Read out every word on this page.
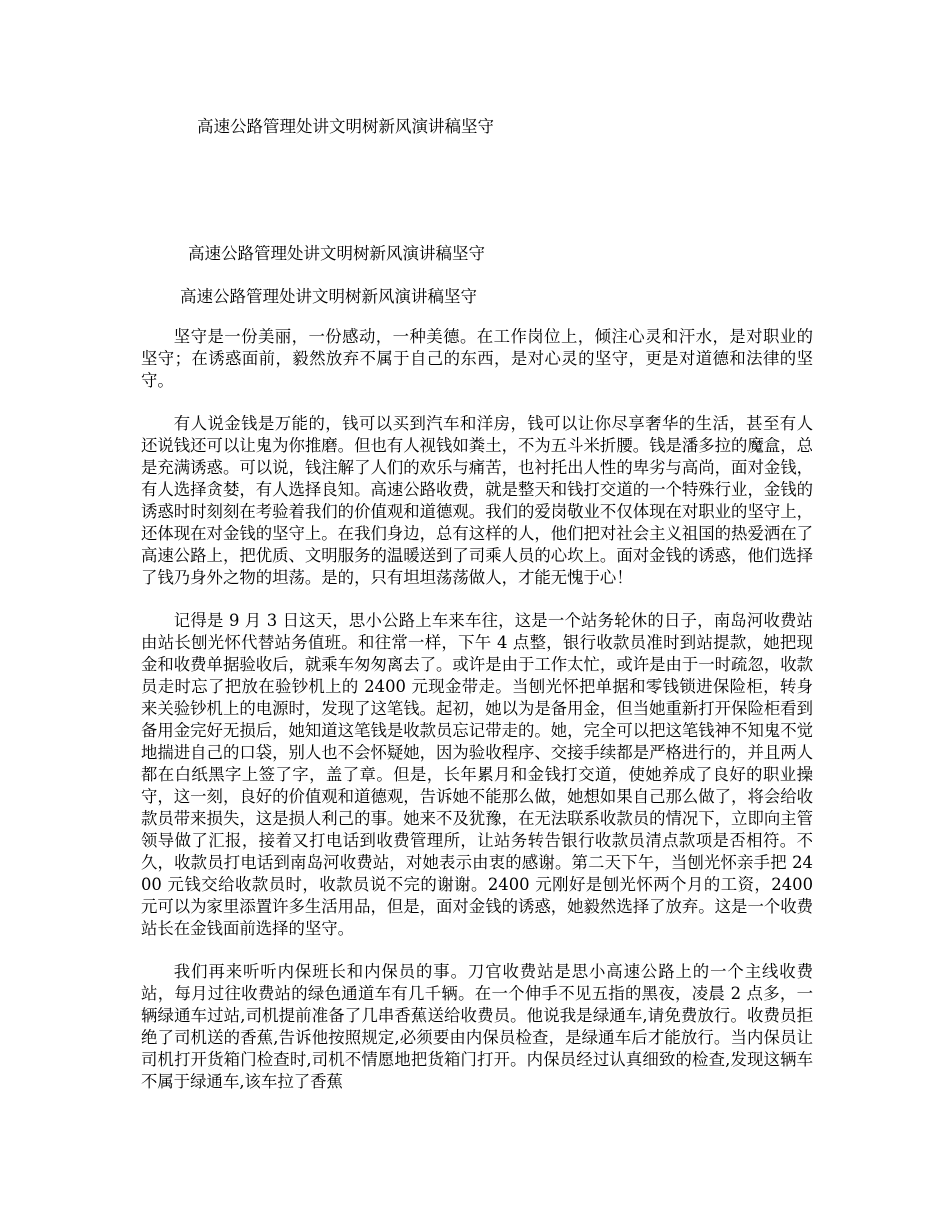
高速公路管理处讲文明树新风演讲稿坚守
高速公路管理处讲文明树新风演讲稿坚守
高速公路管理处讲文明树新风演讲稿坚守

坚守是一份美丽，一份感动，一种美德。在工作岗位上，倾注心灵和汗水，是对职业的坚守；在诱惑面前，毅然放弃不属于自己的东西，是对心灵的坚守，更是对道德和法律的坚守。

有人说金钱是万能的，钱可以买到汽车和洋房，钱可以让你尽享奢华的生活，甚至有人还说钱还可以让鬼为你推磨。但也有人视钱如粪土，不为五斗米折腰。钱是潘多拉的魔盒，总是充满诱惑。可以说，钱注解了人们的欢乐与痛苦，也衬托出人性的卑劣与高尚，面对金钱，有人选择贪婪，有人选择良知。高速公路收费，就是整天和钱打交道的一个特殊行业，金钱的诱惑时时刻刻在考验着我们的价值观和道德观。我们的爱岗敬业不仅体现在对职业的坚守上，还体现在对金钱的坚守上。在我们身边，总有这样的人，他们把对社会主义祖国的热爱洒在了高速公路上，把优质、文明服务的温暖送到了司乘人员的心坎上。面对金钱的诱惑，他们选择了钱乃身外之物的坦荡。是的，只有坦坦荡荡做人，才能无愧于心！

记得是 9 月 3 日这天，思小公路上车来车往，这是一个站务轮休的日子，南岛河收费站由站长刨光怀代替站务值班。和往常一样，下午 4 点整，银行收款员准时到站提款，她把现金和收费单据验收后，就乘车匆匆离去了。或许是由于工作太忙，或许是由于一时疏忽，收款员走时忘了把放在验钞机上的 2400 元现金带走。当刨光怀把单据和零钱锁进保险柜，转身来关验钞机上的电源时，发现了这笔钱。起初，她以为是备用金，但当她重新打开保险柜看到备用金完好无损后，她知道这笔钱是收款员忘记带走的。她，完全可以把这笔钱神不知鬼不觉地揣进自己的口袋，别人也不会怀疑她，因为验收程序、交接手续都是严格进行的，并且两人都在白纸黑字上签了字，盖了章。但是，长年累月和金钱打交道，使她养成了良好的职业操守，这一刻，良好的价值观和道德观，告诉她不能那么做，她想如果自己那么做了，将会给收款员带来损失，这是损人利己的事。她来不及犹豫，在无法联系收款员的情况下，立即向主管领导做了汇报，接着又打电话到收费管理所，让站务转告银行收款员清点款项是否相符。不久，收款员打电话到南岛河收费站，对她表示由衷的感谢。第二天下午，当刨光怀亲手把 2400 元钱交给收款员时，收款员说不完的谢谢。2400 元刚好是刨光怀两个月的工资，2400 元可以为家里添置许多生活用品，但是，面对金钱的诱惑，她毅然选择了放弃。这是一个收费站长在金钱面前选择的坚守。

我们再来听听内保班长和内保员的事。刀官收费站是思小高速公路上的一个主线收费站，每月过往收费站的绿色通道车有几千辆。在一个伸手不见五指的黑夜，凌晨 2 点多，一辆绿通车过站,司机提前准备了几串香蕉送给收费员。他说我是绿通车,请免费放行。收费员拒绝了司机送的香蕉,告诉他按照规定,必须要由内保员检查，是绿通车后才能放行。当内保员让司机打开货箱门检查时,司机不情愿地把货箱门打开。内保员经过认真细致的检查,发现这辆车不属于绿通车,该车拉了香蕉
